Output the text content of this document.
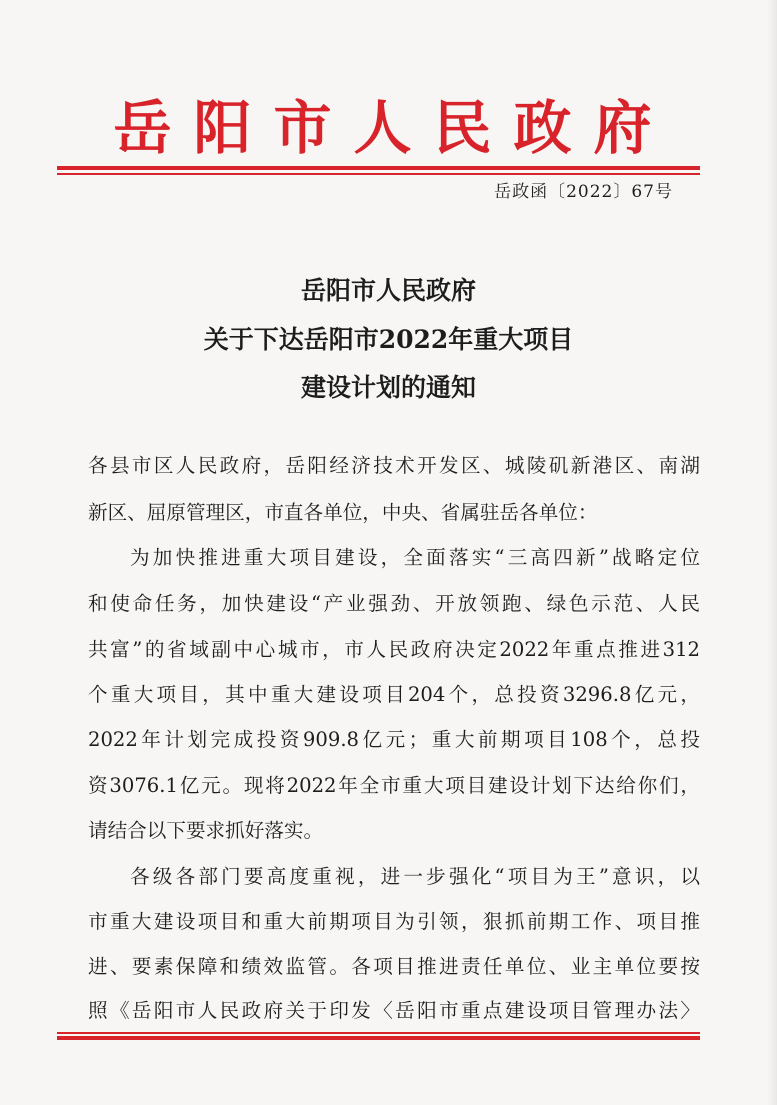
岳阳市人民政府
岳政函〔2022〕67号
岳阳市人民政府
关于下达岳阳市2022年重大项目
建设计划的通知
各县市区人民政府，岳阳经济技术开发区、城陵矶新港区、南湖
新区、屈原管理区，市直各单位，中央、省属驻岳各单位：
为加快推进重大项目建设，全面落实“三高四新”战略定位
和使命任务，加快建设“产业强劲、开放领跑、绿色示范、人民
共富”的省域副中心城市，市人民政府决定2022年重点推进312
个重大项目，其中重大建设项目204个，总投资3296.8亿元，
2022年计划完成投资909.8亿元；重大前期项目108个，总投
资3076.1亿元。现将2022年全市重大项目建设计划下达给你们，
请结合以下要求抓好落实。
各级各部门要高度重视，进一步强化“项目为王”意识，以
市重大建设项目和重大前期项目为引领，狠抓前期工作、项目推
进、要素保障和绩效监管。各项目推进责任单位、业主单位要按
照《岳阳市人民政府关于印发〈岳阳市重点建设项目管理办法〉
